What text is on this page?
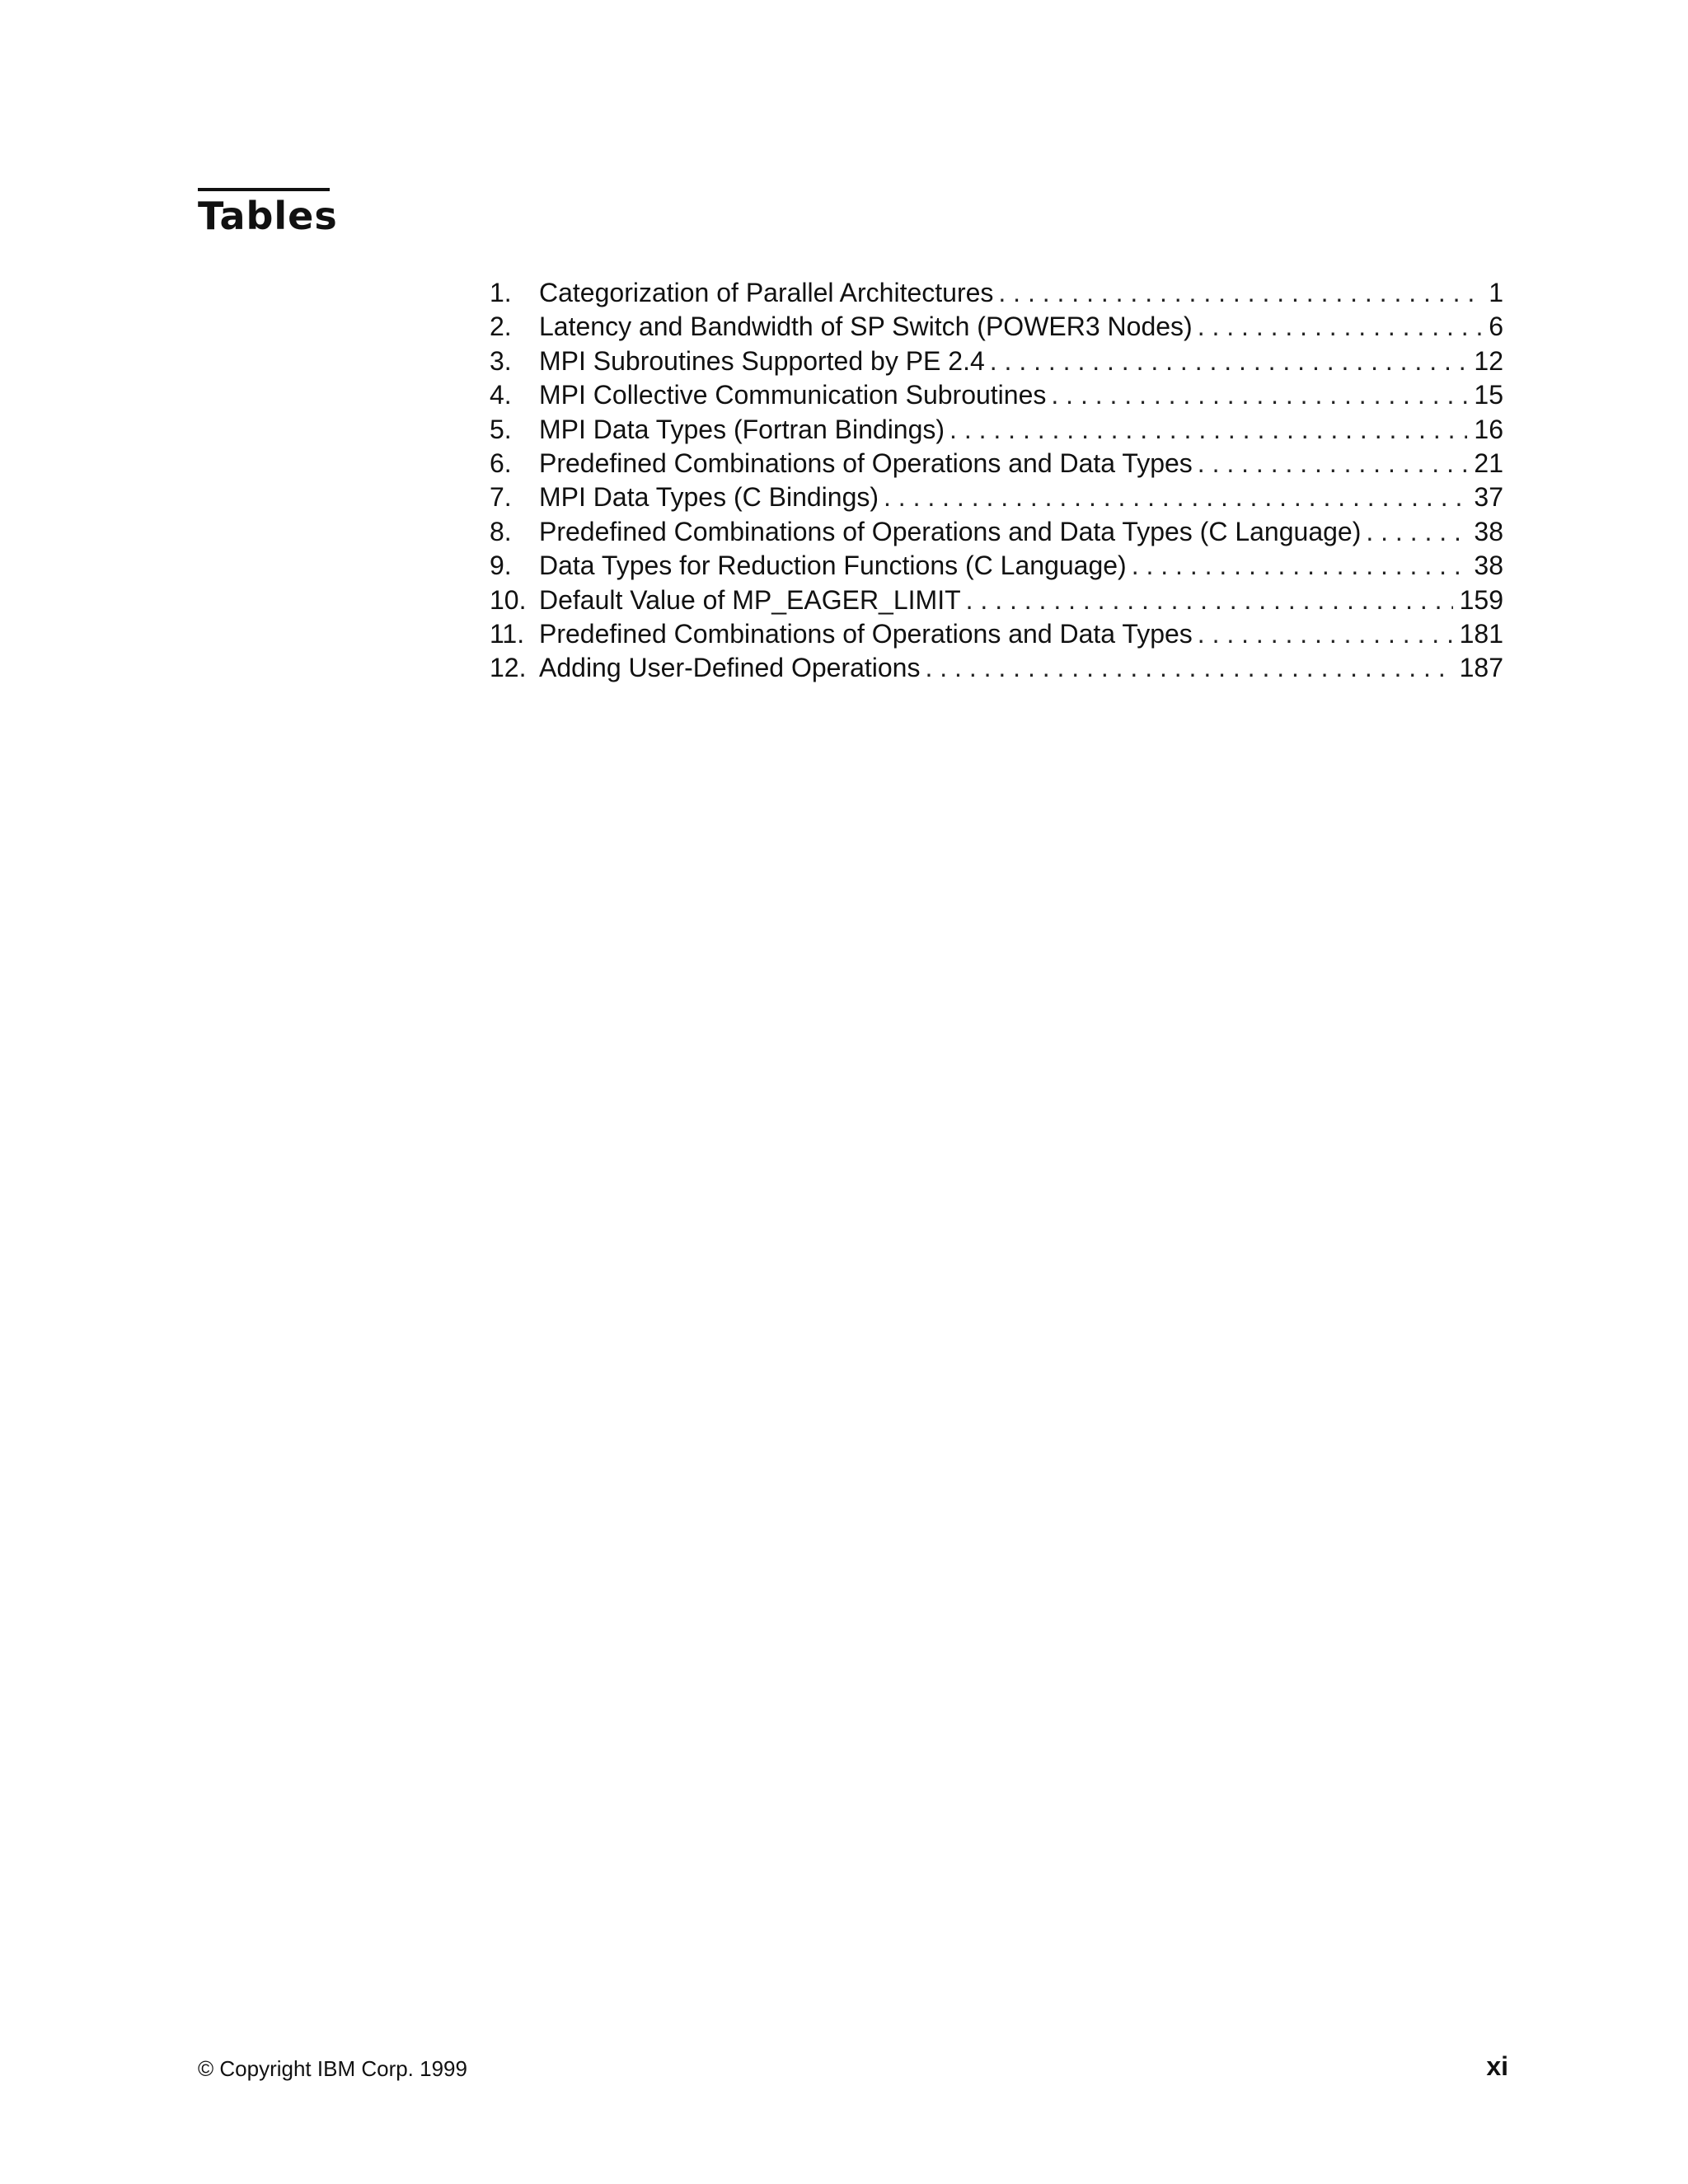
Tables
1.	Categorization of Parallel Architectures . . .	1
2.	Latency and Bandwidth of SP Switch (POWER3 Nodes) . . .	6
3.	MPI Subroutines Supported by PE 2.4 . . .	12
4.	MPI Collective Communication Subroutines . . .	15
5.	MPI Data Types (Fortran Bindings) . . .	16
6.	Predefined Combinations of Operations and Data Types . . .	21
7.	MPI Data Types (C Bindings) . . .	37
8.	Predefined Combinations of Operations and Data Types (C Language) . . .	38
9.	Data Types for Reduction Functions (C Language) . . .	38
10. Default Value of MP_EAGER_LIMIT . . .	159
11. Predefined Combinations of Operations and Data Types . . .	181
12. Adding User-Defined Operations . . .	187
© Copyright IBM Corp. 1999	xi
